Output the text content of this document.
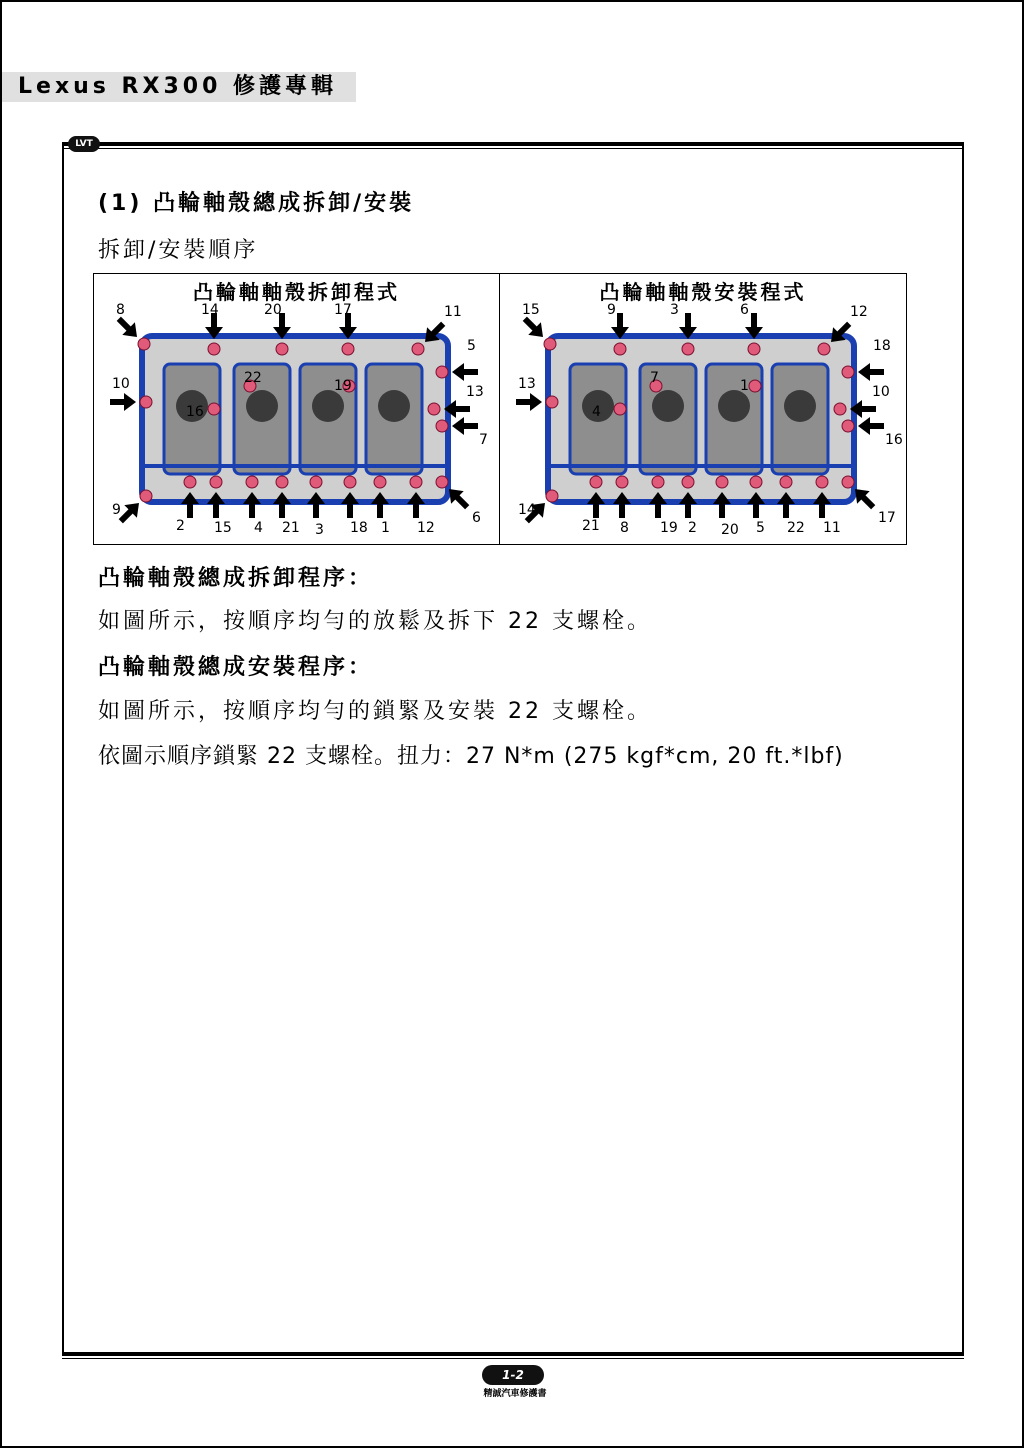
Lexus RX300 修護專輯
LVT
(1) 凸輪軸殼總成拆卸/安裝
拆卸/安裝順序
8	14	20	17	11
5
10	22	19
16
13
7
9
2 15 4 21 3 18 1 12
6
凸輪軸軸殼拆卸程式
15	9	3	6	12
18
13	7	1
4
10
16
14
21 8 19 2 20 5 22 11
17
凸輪軸軸殼安裝程式
凸輪軸殼總成拆卸程序：
如圖所示，按順序均勻的放鬆及拆下 22 支螺栓。
凸輪軸殼總成安裝程序：
如圖所示，按順序均勻的鎖緊及安裝 22 支螺栓。
依圖示順序鎖緊 22 支螺栓。扭力：27 N*m (275 kgf*cm, 20 ft.*lbf)
1-2
精誠汽車修護書
